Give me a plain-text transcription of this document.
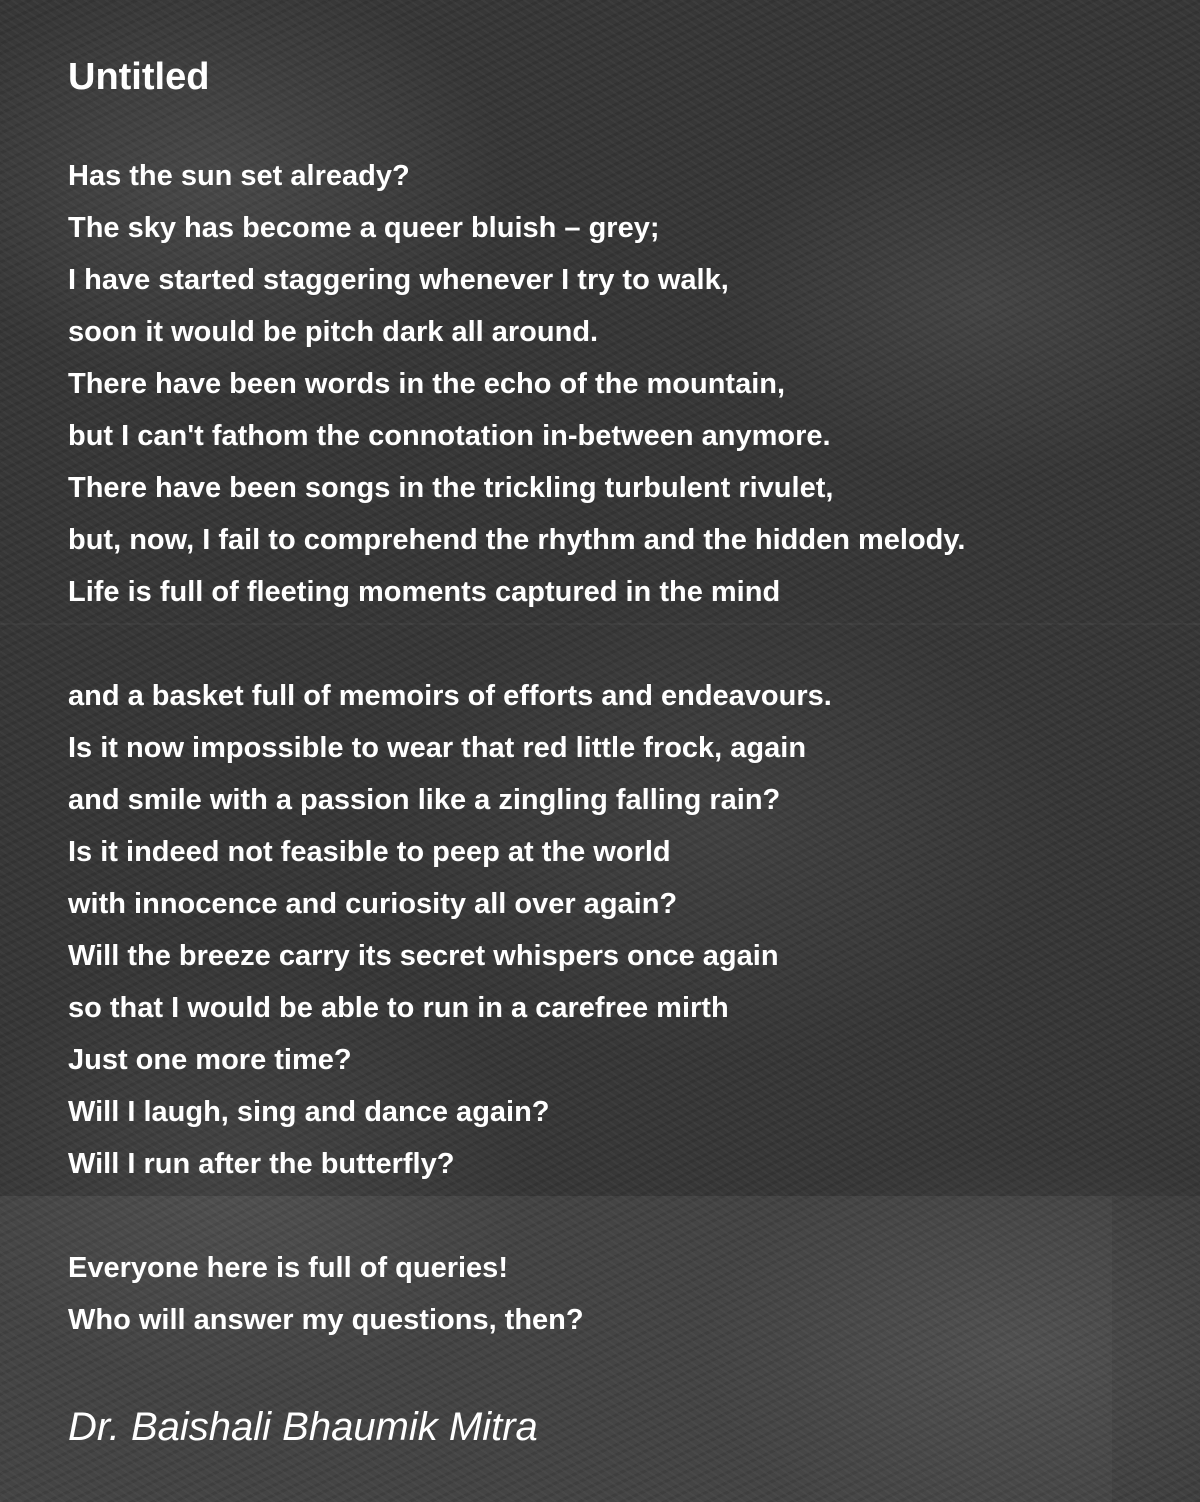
Untitled
Has the sun set already?
The sky has become a queer bluish – grey;
I have started staggering whenever I try to walk,
soon it would be pitch dark all around.
There have been words in the echo of the mountain,
but I can't fathom the connotation in-between anymore.
There have been songs in the trickling turbulent rivulet,
but, now, I fail to comprehend the rhythm and the hidden melody.
Life is full of fleeting moments captured in the mind
and a basket full of memoirs of efforts and endeavours.
Is it now impossible to wear that red little frock, again
and smile with a passion like a zingling falling rain?
Is it indeed not feasible to peep at the world
with innocence and curiosity all over again?
Will the breeze carry its secret whispers once again
so that I would be able to run in a carefree mirth
Just one more time?
Will I laugh, sing and dance again?
Will I run after the butterfly?
Everyone here is full of queries!
Who will answer my questions, then?

Dr. Baishali Bhaumik Mitra
